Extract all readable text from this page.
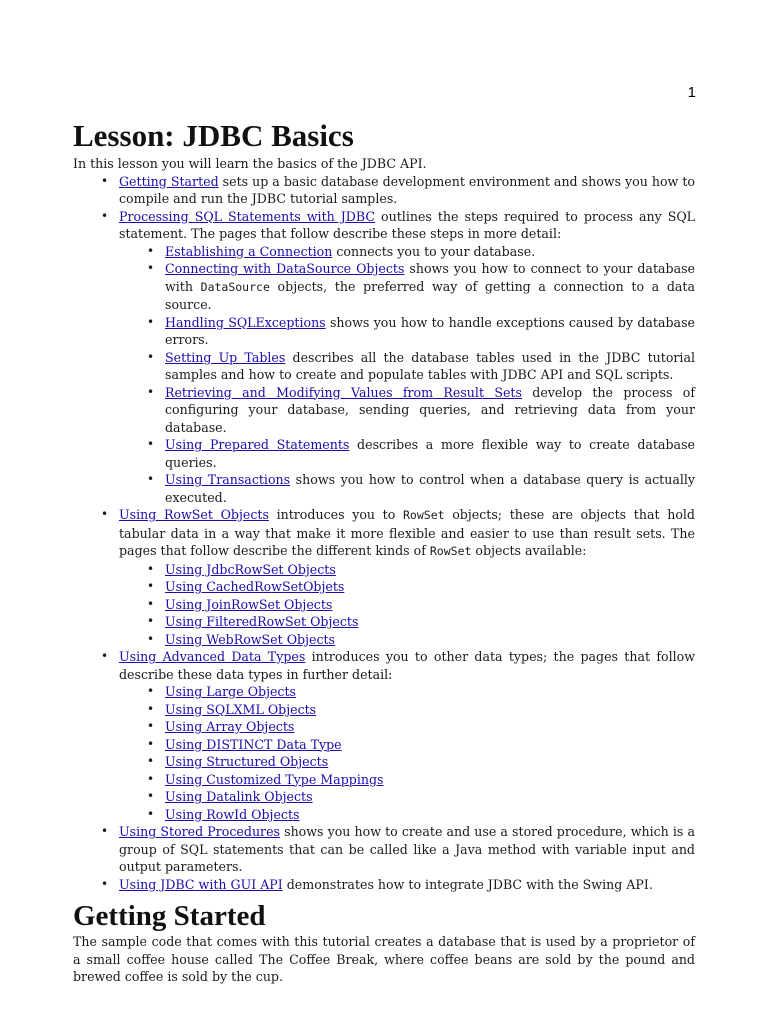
1
Lesson: JDBC Basics

In this lesson you will learn the basics of the JDBC API.

• Getting Started sets up a basic database development environment and shows you how to compile and run the JDBC tutorial samples.
• Processing SQL Statements with JDBC outlines the steps required to process any SQL statement. The pages that follow describe these steps in more detail:
• Establishing a Connection connects you to your database.
• Connecting with DataSource Objects shows you how to connect to your database with DataSource objects, the preferred way of getting a connection to a data source.
• Handling SQLExceptions shows you how to handle exceptions caused by database errors.
• Setting Up Tables describes all the database tables used in the JDBC tutorial samples and how to create and populate tables with JDBC API and SQL scripts.
• Retrieving and Modifying Values from Result Sets develop the process of configuring your database, sending queries, and retrieving data from your database.
• Using Prepared Statements describes a more flexible way to create database queries.
• Using Transactions shows you how to control when a database query is actually executed.
• Using RowSet Objects introduces you to RowSet objects; these are objects that hold tabular data in a way that make it more flexible and easier to use than result sets. The pages that follow describe the different kinds of RowSet objects available:
• Using JdbcRowSet Objects
• Using CachedRowSetObjets
• Using JoinRowSet Objects
• Using FilteredRowSet Objects
• Using WebRowSet Objects
• Using Advanced Data Types introduces you to other data types; the pages that follow describe these data types in further detail:
• Using Large Objects
• Using SQLXML Objects
• Using Array Objects
• Using DISTINCT Data Type
• Using Structured Objects
• Using Customized Type Mappings
• Using Datalink Objects
• Using RowId Objects
• Using Stored Procedures shows you how to create and use a stored procedure, which is a group of SQL statements that can be called like a Java method with variable input and output parameters.
• Using JDBC with GUI API demonstrates how to integrate JDBC with the Swing API.
Getting Started

The sample code that comes with this tutorial creates a database that is used by a proprietor of a small coffee house called The Coffee Break, where coffee beans are sold by the pound and brewed coffee is sold by the cup.
